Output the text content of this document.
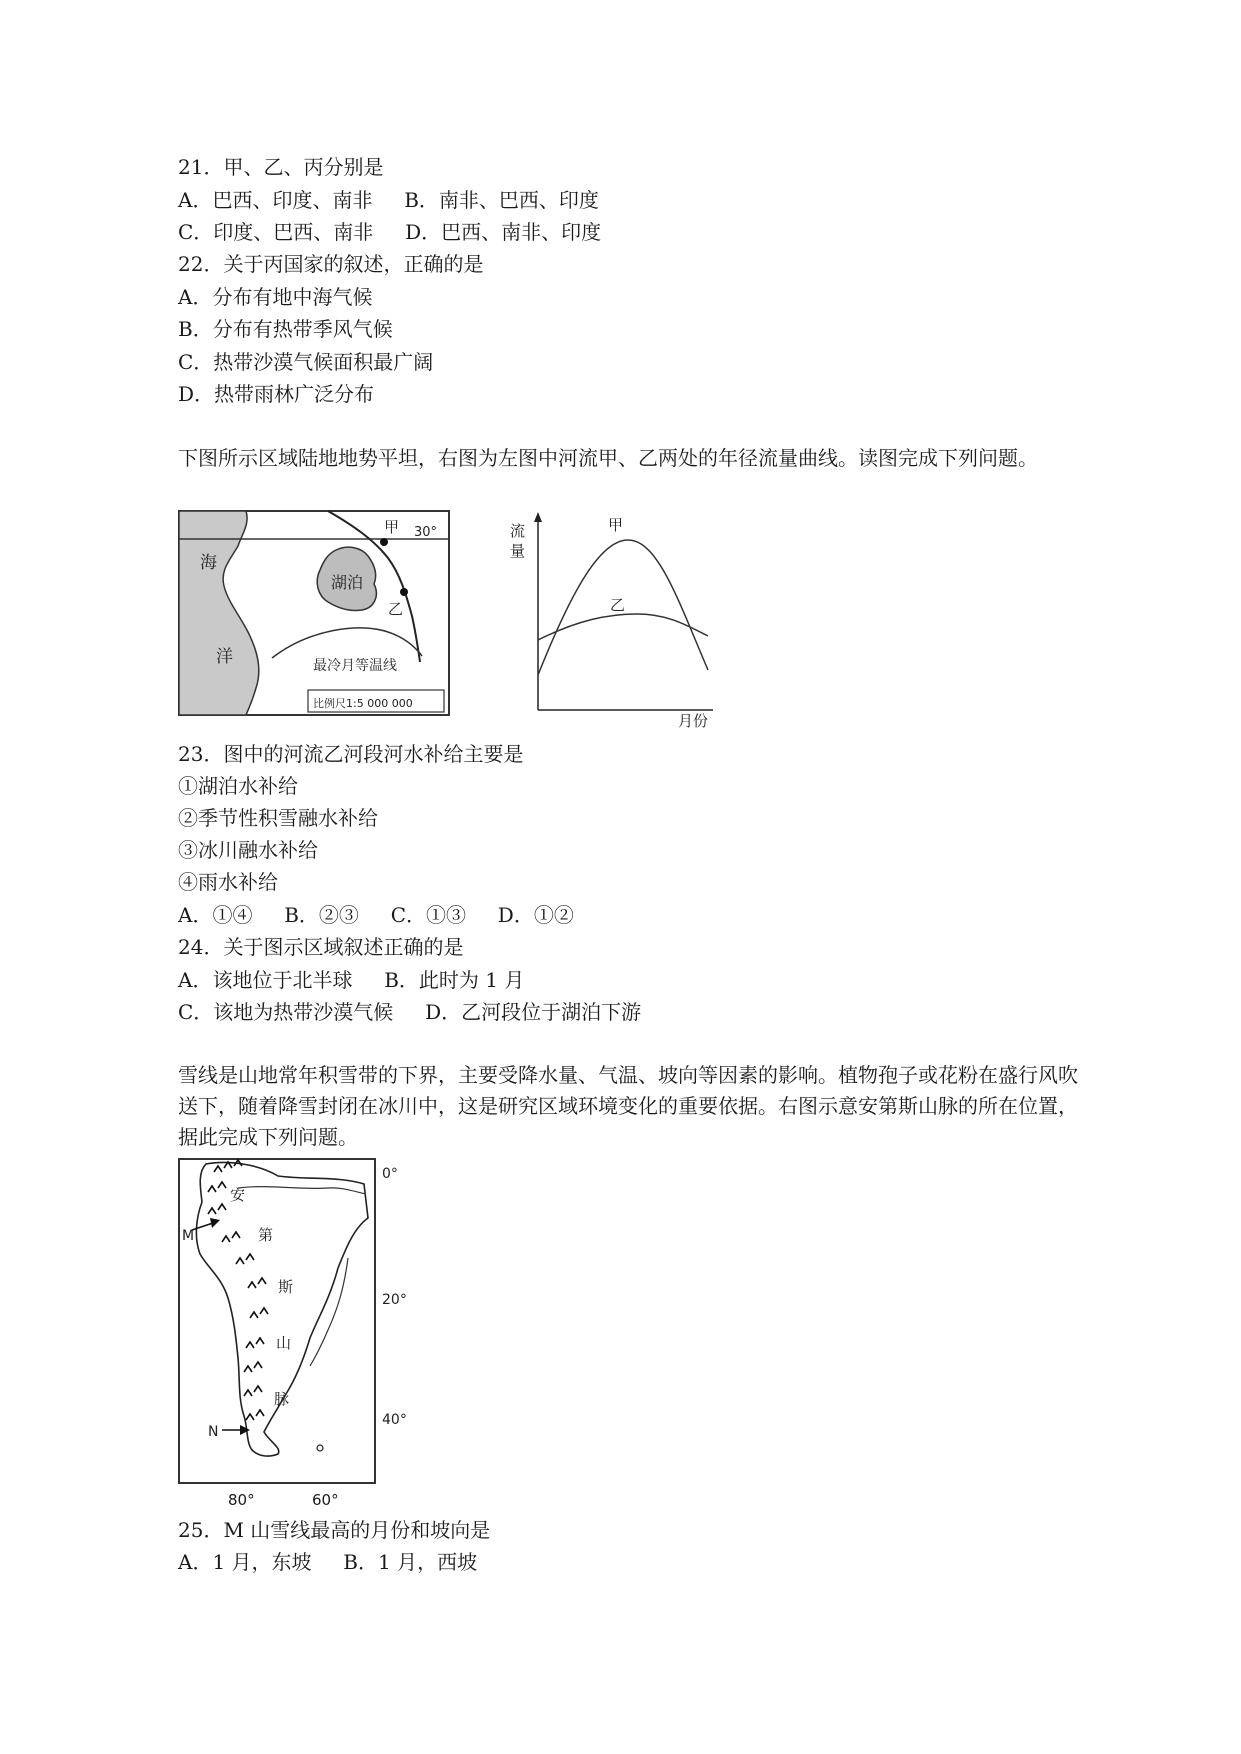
21．甲、乙、丙分别是
A．巴西、印度、南非     B．南非、巴西、印度
C．印度、巴西、南非     D．巴西、南非、印度
22．关于丙国家的叙述，正确的是
A．分布有地中海气候
B．分布有热带季风气候
C．热带沙漠气候面积最广阔
D．热带雨林广泛分布
下图所示区域陆地地势平坦，右图为左图中河流甲、乙两处的年径流量曲线。读图完成下列问题。
海
洋
湖泊
甲
乙
30°
最冷月等温线
比例尺1:5 000 000
流
量
甲
乙
月份
23．图中的河流乙河段河水补给主要是
①湖泊水补给
②季节性积雪融水补给
③冰川融水补给
④雨水补给
A．①④     B．②③     C．①③     D．①②
24．关于图示区域叙述正确的是
A．该地位于北半球     B．此时为 1 月
C．该地为热带沙漠气候     D．乙河段位于湖泊下游
雪线是山地常年积雪带的下界，主要受降水量、气温、坡向等因素的影响。植物孢子或花粉在盛行风吹送下，随着降雪封闭在冰川中，这是研究区域环境变化的重要依据。右图示意安第斯山脉的所在位置，据此完成下列问题。
安
第
斯
山
脉
M
N
0°
20°
40°
80°	60°
25．M 山雪线最高的月份和坡向是
A．1 月，东坡     B．1 月，西坡
